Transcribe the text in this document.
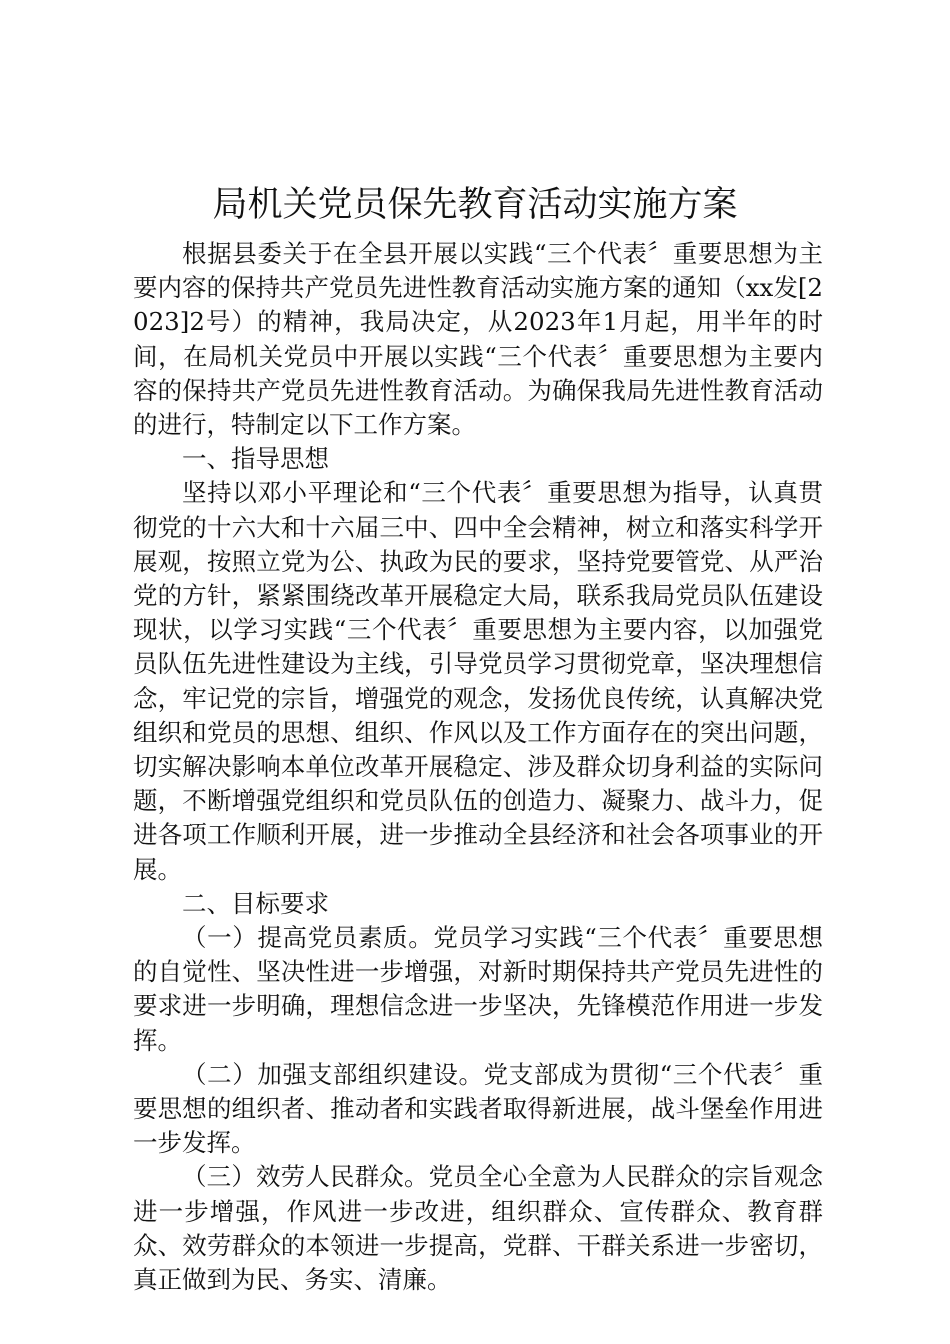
局机关党员保先教育活动实施方案

根据县委关于在全县开展以实践“三个代表〞重要思想为主要内容的保持共产党员先进性教育活动实施方案的通知（xx发[2023]2号）的精神，我局决定，从2023年1月起，用半年的时间，在局机关党员中开展以实践“三个代表〞重要思想为主要内容的保持共产党员先进性教育活动。为确保我局先进性教育活动的进行，特制定以下工作方案。

一、指导思想

坚持以邓小平理论和“三个代表〞重要思想为指导，认真贯彻党的十六大和十六届三中、四中全会精神，树立和落实科学开展观，按照立党为公、执政为民的要求，坚持党要管党、从严治党的方针，紧紧围绕改革开展稳定大局，联系我局党员队伍建设现状，以学习实践“三个代表〞重要思想为主要内容，以加强党员队伍先进性建设为主线，引导党员学习贯彻党章，坚决理想信念，牢记党的宗旨，增强党的观念，发扬优良传统，认真解决党组织和党员的思想、组织、作风以及工作方面存在的突出问题，切实解决影响本单位改革开展稳定、涉及群众切身利益的实际问题，不断增强党组织和党员队伍的创造力、凝聚力、战斗力，促进各项工作顺利开展，进一步推动全县经济和社会各项事业的开展。

二、目标要求

（一）提高党员素质。党员学习实践“三个代表〞重要思想的自觉性、坚决性进一步增强，对新时期保持共产党员先进性的要求进一步明确，理想信念进一步坚决，先锋模范作用进一步发挥。

（二）加强支部组织建设。党支部成为贯彻“三个代表〞重要思想的组织者、推动者和实践者取得新进展，战斗堡垒作用进一步发挥。

（三）效劳人民群众。党员全心全意为人民群众的宗旨观念进一步增强，作风进一步改进，组织群众、宣传群众、教育群众、效劳群众的本领进一步提高，党群、干群关系进一步密切，真正做到为民、务实、清廉。
